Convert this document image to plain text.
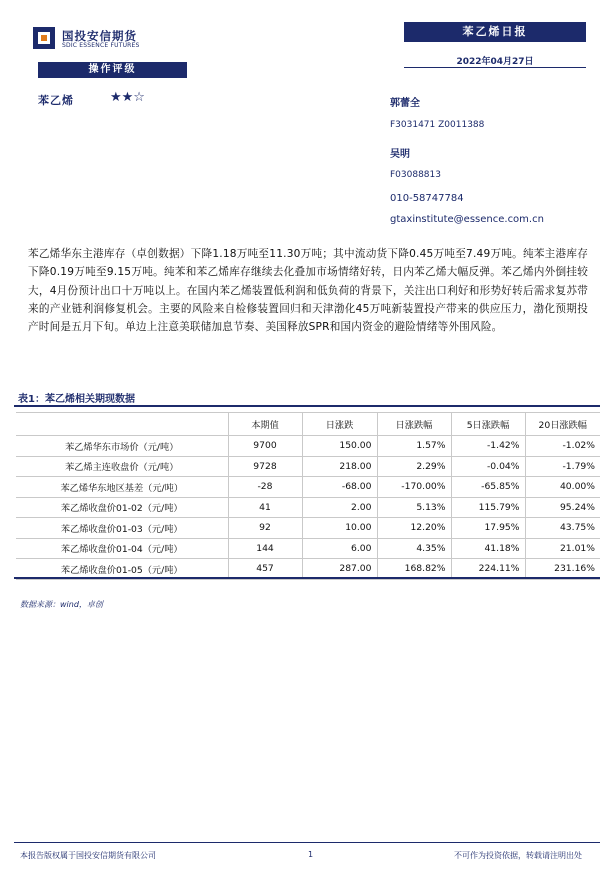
国投安信期货
SDIC ESSENCE FUTURES
苯乙烯日报
2022年04月27日
操作评级
苯乙烯	★★☆	郭蕾全
F3031471 Z0011388
吴明
F03088813
010-58747784
gtaxinstitute@essence.com.cn
苯乙烯华东主港库存（卓创数据）下降1.18万吨至11.30万吨；其中流动货下降0.45万吨至7.49万吨。纯苯主港库存下降0.19万吨至9.15万吨。纯苯和苯乙烯库存继续去化叠加市场情绪好转，日内苯乙烯大幅反弹。苯乙烯内外倒挂较大，4月份预计出口十万吨以上。在国内苯乙烯装置低利润和低负荷的背景下，关注出口利好和形势好转后需求复苏带来的产业链利润修复机会。主要的风险来自检修装置回归和天津渤化45万吨新装置投产带来的供应压力，渤化预期投产时间是五月下旬。单边上注意美联储加息节奏、美国释放SPR和国内资金的避险情绪等外围风险。
表1：苯乙烯相关期现数据
	本期值	日涨跌	日涨跌幅	5日涨跌幅	20日涨跌幅
苯乙烯华东市场价（元/吨）	9700	150.00	1.57%	-1.42%	-1.02%
苯乙烯主连收盘价（元/吨）	9728	218.00	2.29%	-0.04%	-1.79%
苯乙烯华东地区基差（元/吨）	-28	-68.00	-170.00%	-65.85%	40.00%
苯乙烯收盘价01-02（元/吨）	41	2.00	5.13%	115.79%	95.24%
苯乙烯收盘价01-03（元/吨）	92	10.00	12.20%	17.95%	43.75%
苯乙烯收盘价01-04（元/吨）	144	6.00	4.35%	41.18%	21.01%
苯乙烯收盘价01-05（元/吨）	457	287.00	168.82%	224.11%	231.16%
数据来源：wind，卓创
本报告版权属于国投安信期货有限公司	1	不可作为投资依据，转载请注明出处
